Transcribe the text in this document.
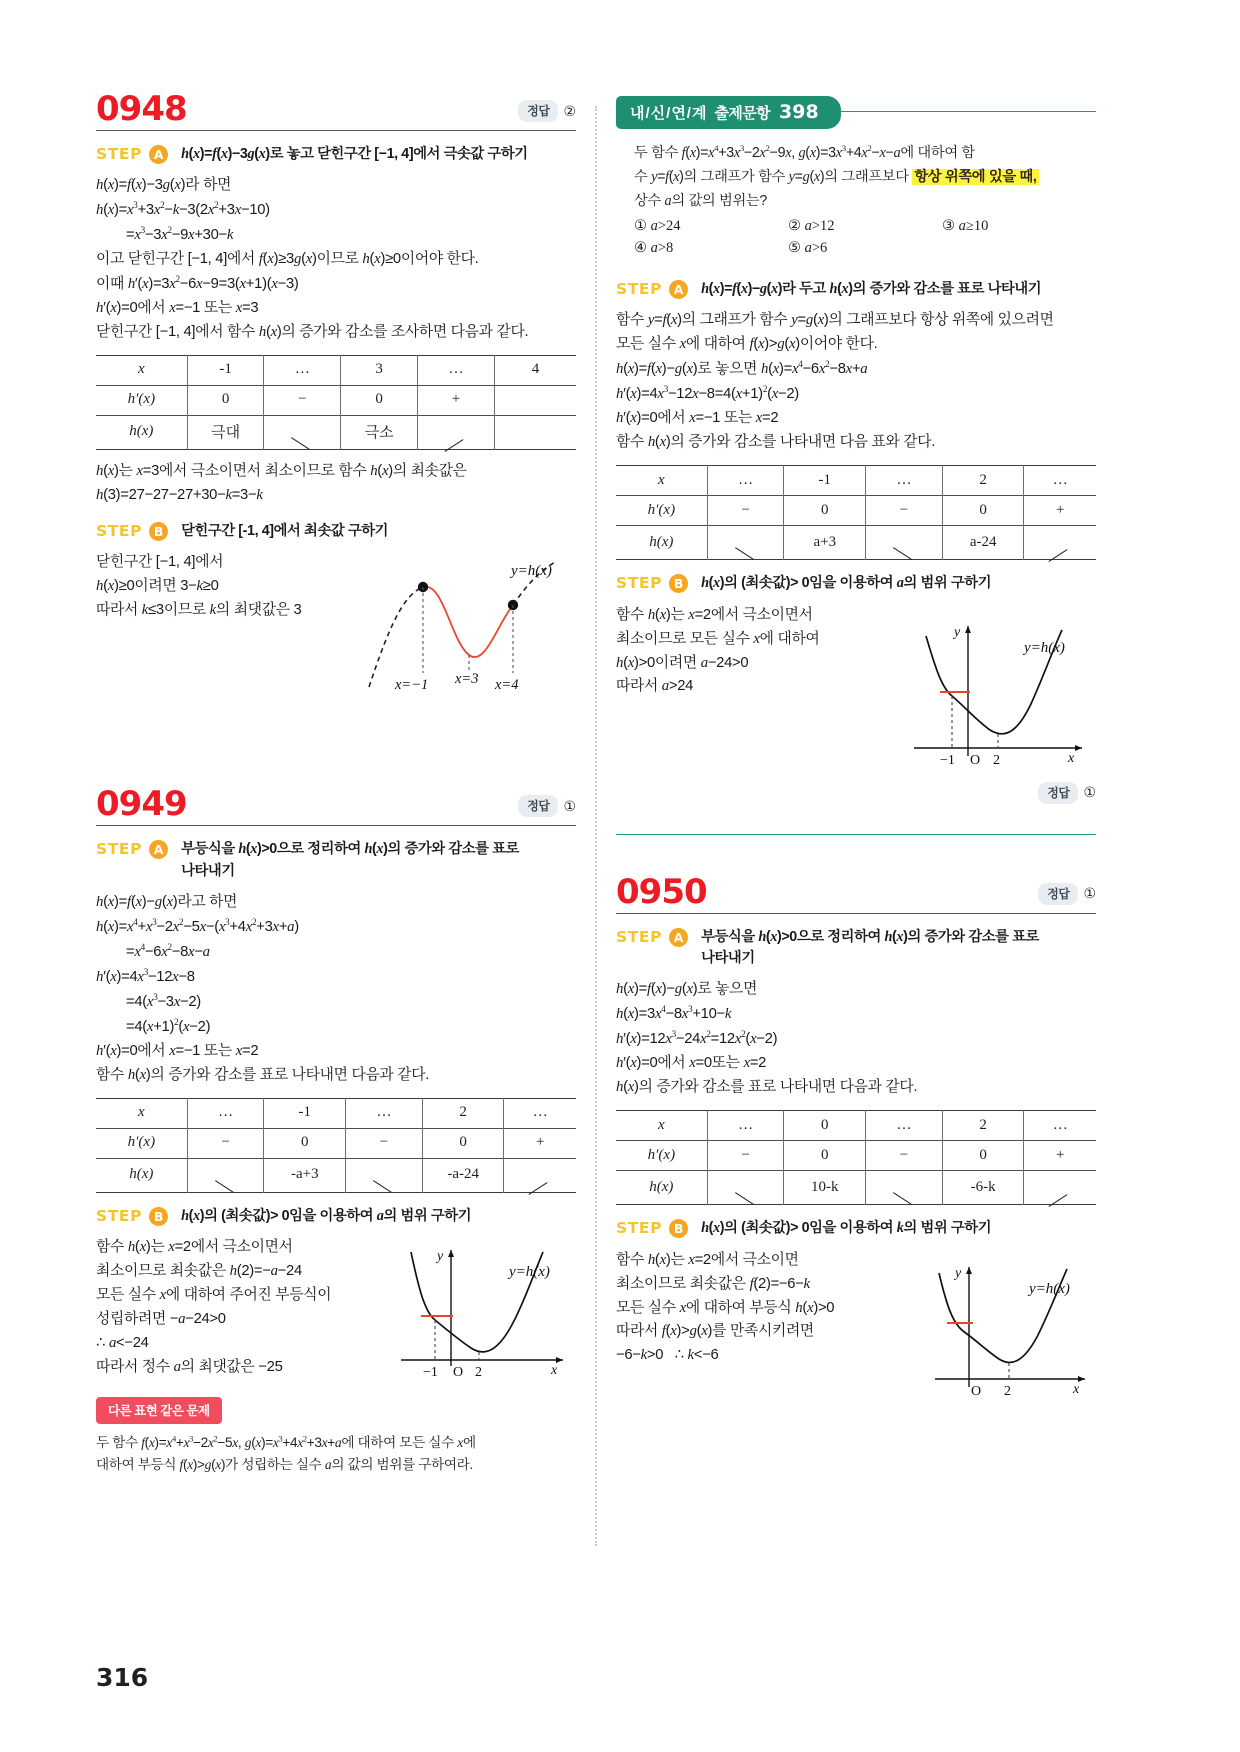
0948	정답	②
STEP A	h(x)=f(x)−3g(x)로 놓고 닫힌구간 [−1, 4]에서 극솟값 구하기
h(x)=f(x)−3g(x)라 하면
$h(x)=x^3+3x^2-k-3(2x^2+3x-10)$
$=x^3-3x^2-9x+30-k$
이고 닫힌구간 [−1, 4]에서 f(x)≥3g(x)이므로 h(x)≥0이어야 한다.
이때 $h'(x)=3x^2-6x-9=3(x+1)(x-3)$
h′(x)=0에서 x=−1 또는 x=3
닫힌구간 [−1, 4]에서 함수 h(x)의 증가와 감소를 조사하면 다음과 같다.
x	-1	…	3	…	4
h′(x)	0	−	0	+	
h(x)	극대		극소		
h(x)는 x=3에서 극소이면서 최소이므로 함수 h(x)의 최솟값은
h(3)=27−27−27+30−k=3−k
STEP B	닫힌구간 [-1, 4]에서 최솟값 구하기
y=h(x)
x=−1 x=3 x=4
닫힌구간 [−1, 4]에서
h(x)≥0이려면 3−k≥0
따라서 k≤3이므로 k의 최댓값은 3
0949	정답	①
STEP A	부등식을 h(x)>0으로 정리하여 h(x)의 증가와 감소를 표로
나타내기
h(x)=f(x)−g(x)라고 하면
$h(x)=x^4+x^3-2x^2-5x-(x^3+4x^2+3x+a)$
$=x^4-6x^2-8x-a$
$h'(x)=4x^3-12x-8$
$=4(x^3-3x-2)$
$=4(x+1)^2(x-2)$
h′(x)=0에서 x=−1 또는 x=2
함수 h(x)의 증가와 감소를 표로 나타내면 다음과 같다.
x	…	-1	…	2	…
h′(x)	−	0	−	0	+
h(x)		-a+3		-a-24	
STEP B	h(x)의 (최솟값)> 0임을 이용하여 a의 범위 구하기
y
y=h(x)
x
−1 O 2
함수 h(x)는 x=2에서 극소이면서
최소이므로 최솟값은 h(2)=−a−24
모든 실수 x에 대하여 주어진 부등식이
성립하려면 −a−24>0
∴ a<−24
따라서 정수 a의 최댓값은 −25
다른 표현 같은 문제
두 함수 $f(x)=x^4+x^3-2x^2-5x$, $g(x)=x^3+4x^2+3x+a$에 대하여 모든 실수 x에
대하여 부등식 f(x)>g(x)가 성립하는 실수 a의 값의 범위를 구하여라.
내/신/연/계 출제문항 398
두 함수 $f(x)=x^4+3x^3-2x^2-9x$, $g(x)=3x^3+4x^2-x-a$에 대하여 함
수 y=f(x)의 그래프가 함수 y=g(x)의 그래프보다 항상 위쪽에 있을 때,
상수 a의 값의 범위는?
① a>24	② a>12	③ a≥10
④ a>8	⑤ a>6
STEP A	h(x)=f(x)−g(x)라 두고 h(x)의 증가와 감소를 표로 나타내기
함수 y=f(x)의 그래프가 함수 y=g(x)의 그래프보다 항상 위쪽에 있으려면
모든 실수 x에 대하여 f(x)>g(x)이어야 한다.
h(x)=f(x)−g(x)로 놓으면 $h(x)=x^4-6x^2-8x+a$
$h'(x)=4x^3-12x-8=4(x+1)^2(x-2)$
h′(x)=0에서 x=−1 또는 x=2
함수 h(x)의 증가와 감소를 나타내면 다음 표와 같다.
x	…	-1	…	2	…
h′(x)	−	0	−	0	+
h(x)		a+3		a-24	
STEP B	h(x)의 (최솟값)> 0임을 이용하여 a의 범위 구하기
y
y=h(x)
x
−1 O 2
함수 h(x)는 x=2에서 극소이면서
최소이므로 모든 실수 x에 대하여
h(x)>0이려면 a−24>0
따라서 a>24
정답	①
0950	정답	①
STEP A	부등식을 h(x)>0으로 정리하여 h(x)의 증가와 감소를 표로
나타내기
h(x)=f(x)−g(x)로 놓으면
$h(x)=3x^4-8x^3+10-k$
$h'(x)=12x^3-24x^2=12x^2(x-2)$
h′(x)=0에서 x=0또는 x=2
h(x)의 증가와 감소를 표로 나타내면 다음과 같다.
x	…	0	…	2	…
h′(x)	−	0	−	0	+
h(x)		10-k		-6-k	
STEP B	h(x)의 (최솟값)> 0임을 이용하여 k의 범위 구하기
y
y=h(x)
x
O 2
함수 h(x)는 x=2에서 극소이면
최소이므로 최솟값은 f(2)=−6−k
모든 실수 x에 대하여 부등식 h(x)>0
따라서 f(x)>g(x)를 만족시키려면
−6−k>0   ∴ k<−6
316
